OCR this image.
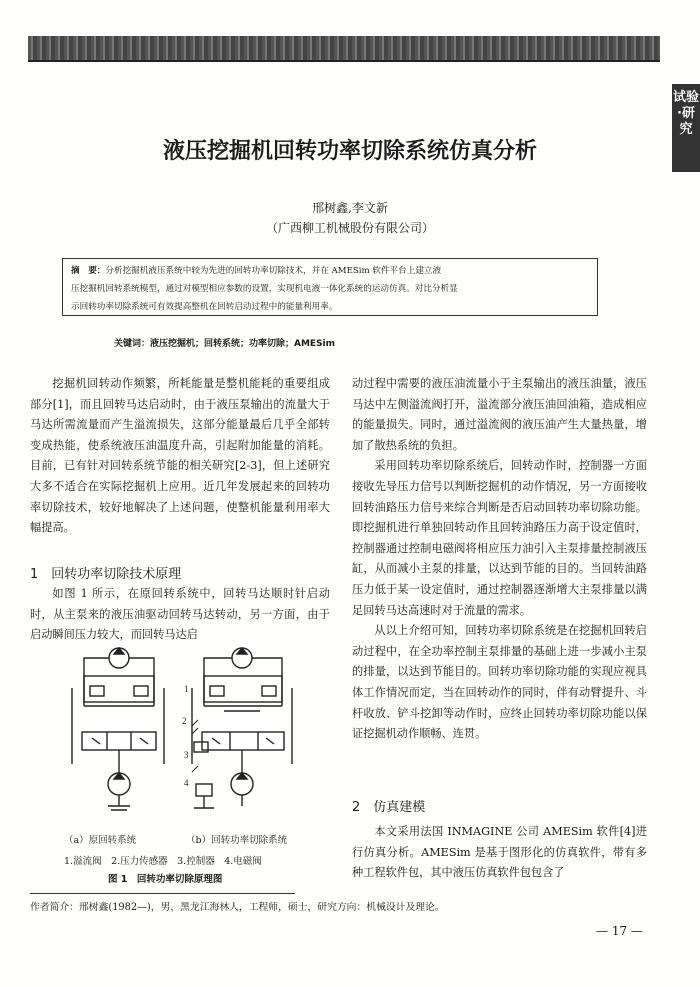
试验·研究
液压挖掘机回转功率切除系统仿真分析
邢树鑫,李文新
（广西柳工机械股份有限公司）
摘　要：分析挖掘机液压系统中较为先进的回转功率切除技术，并在 AMESim 软件平台上建立液
压挖掘机回转系统模型，通过对模型相应参数的设置，实现机电液一体化系统的运动仿真。对比分析显
示回转功率切除系统可有效提高整机在回转启动过程中的能量利用率。
关键词：液压挖掘机；回转系统；功率切除；AMESim

挖掘机回转动作频繁，所耗能量是整机能耗的重要组成部分[1]，而且回转马达启动时，由于液压泵输出的流量大于马达所需流量而产生溢流损失，这部分能量最后几乎全部转变成热能，使系统液压油温度升高，引起附加能量的消耗。目前，已有针对回转系统节能的相关研究[2-3]，但上述研究大多不适合在实际挖掘机上应用。近几年发展起来的回转功率切除技术，较好地解决了上述问题，使整机能量利用率大幅提高。

1　回转功率切除技术原理

如图 1 所示，在原回转系统中，回转马达顺时针启动时，从主泵来的液压油驱动回转马达转动，另一方面，由于启动瞬间压力较大，而回转马达启

1
2
3
4
（a）原回转系统	（b）回转功率切除系统
1.溢流阀　2.压力传感器　3.控制器　4.电磁阀
图 1　回转功率切除原理图

动过程中需要的液压油流量小于主泵输出的液压油量，液压马达中左侧溢流阀打开，溢流部分液压油回油箱，造成相应的能量损失。同时，通过溢流阀的液压油产生大量热量，增加了散热系统的负担。

采用回转功率切除系统后，回转动作时，控制器一方面接收先导压力信号以判断挖掘机的动作情况，另一方面接收回转油路压力信号来综合判断是否启动回转功率切除功能。即挖掘机进行单独回转动作且回转油路压力高于设定值时，控制器通过控制电磁阀将相应压力油引入主泵排量控制液压缸，从而减小主泵的排量，以达到节能的目的。当回转油路压力低于某一设定值时，通过控制器逐渐增大主泵排量以满足回转马达高速时对于流量的需求。

从以上介绍可知，回转功率切除系统是在挖掘机回转启动过程中，在全功率控制主泵排量的基础上进一步减小主泵的排量，以达到节能目的。回转功率切除功能的实现应视具体工作情况而定，当在回转动作的同时，伴有动臂提升、斗杆收放、铲斗挖卸等动作时，应终止回转功率切除功能以保证挖掘机动作顺畅、连贯。

2　仿真建模

本文采用法国 INMAGINE 公司 AMESim 软件[4]进行仿真分析。AMESim 是基于图形化的仿真软件，带有多种工程软件包，其中液压仿真软件包包含了

作者简介：邢树鑫(1982—)，男，黑龙江海林人，工程师，硕士，研究方向：机械设计及理论。
— 17 —
